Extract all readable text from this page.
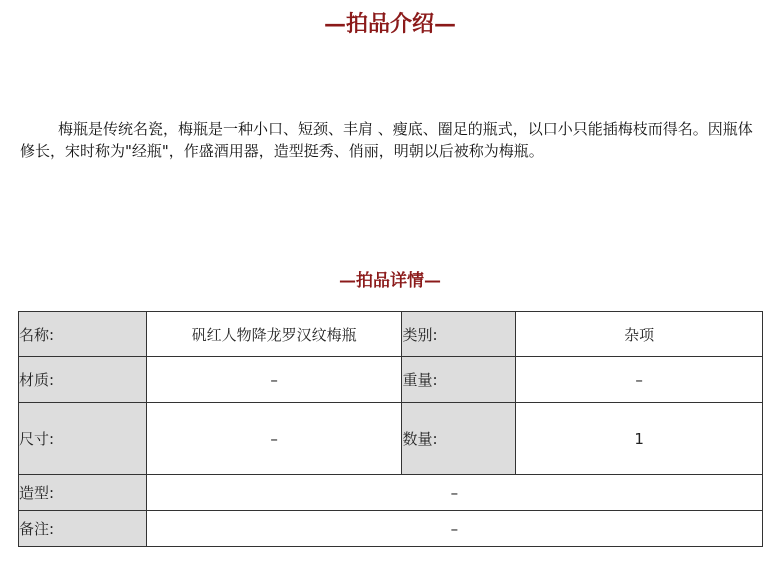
—拍品介绍—

梅瓶是传统名瓷，梅瓶是一种小口、短颈、丰肩 、瘦底、圈足的瓶式，以口小只能插梅枝而得名。因瓶体修长，宋时称为"经瓶"，作盛酒用器，造型挺秀、俏丽，明朝以后被称为梅瓶。

—拍品详情—
名称:	矾红人物降龙罗汉纹梅瓶	类别:	杂项
材质:	–	重量:	–
尺寸:	–	数量:	1
造型:	–		
备注:	–		
